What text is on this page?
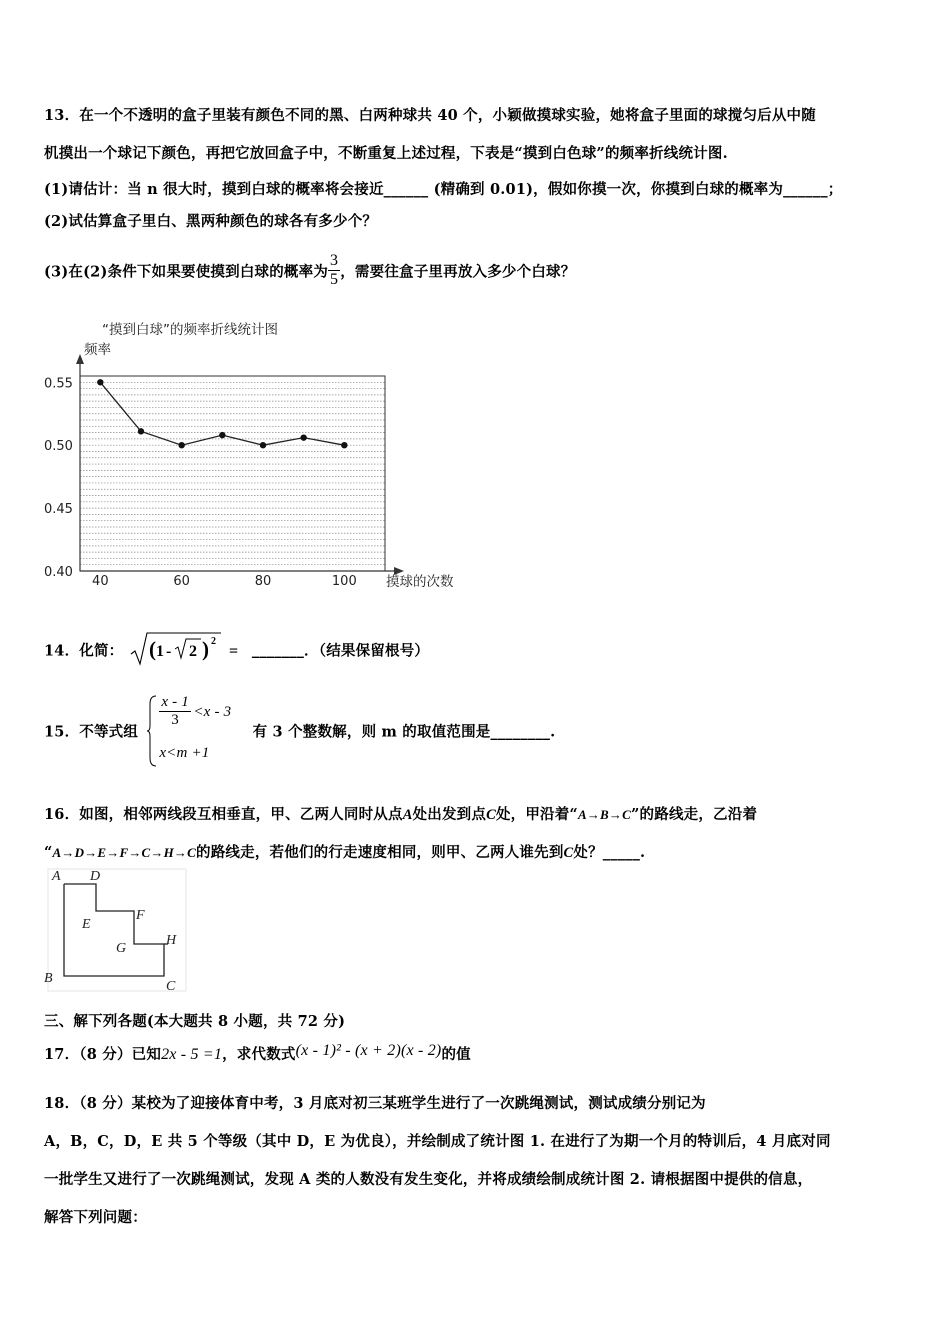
13．在一个不透明的盒子里装有颜色不同的黑、白两种球共 40 个，小颖做摸球实验，她将盒子里面的球搅匀后从中随
机摸出一个球记下颜色，再把它放回盒子中，不断重复上述过程，下表是“摸到白色球”的频率折线统计图.
(1)请估计：当 n 很大时，摸到白球的概率将会接近______ (精确到 0.01)，假如你摸一次，你摸到白球的概率为______；
(2)试估算盒子里白、黑两种颜色的球各有多少个？
(3)在(2)条件下如果要使摸到白球的概率为 $\frac{3}{5}$ ，需要往盒子里再放入多少个白球？
“摸到白球”的频率折线统计图
频率
摸球的次数
0.40
0.45
0.50
0.55
40	60	80	100
14．化简： ( 1 - 2 ) 2
= _______．（结果保留根号）
15．不等式组
$\frac{x - 1}{3} <x - 3$
x<m +1
有 3 个整数解，则 m 的取值范围是________.
16．如图，相邻两线段互相垂直，甲、乙两人同时从点A处出发到点C处，甲沿着“A→B→C”的路线走，乙沿着
“A→D→E→F→C→H→C的路线走，若他们的行走速度相同，则甲、乙两人谁先到C处？_____.
A D
E
F
G
H
B
C
三、解下列各题(本大题共 8 小题，共 72 分)
17．（8 分）已知2x - 5 =1，求代数式(x - 1)² - (x + 2)(x - 2)的值
18．（8 分）某校为了迎接体育中考，3 月底对初三某班学生进行了一次跳绳测试，测试成绩分别记为
A，B，C，D，E 共 5 个等级（其中 D，E 为优良），并绘制成了统计图 1. 在进行了为期一个月的特训后，4 月底对同
一批学生又进行了一次跳绳测试，发现 A 类的人数没有发生变化，并将成绩绘制成统计图 2. 请根据图中提供的信息，
解答下列问题：
